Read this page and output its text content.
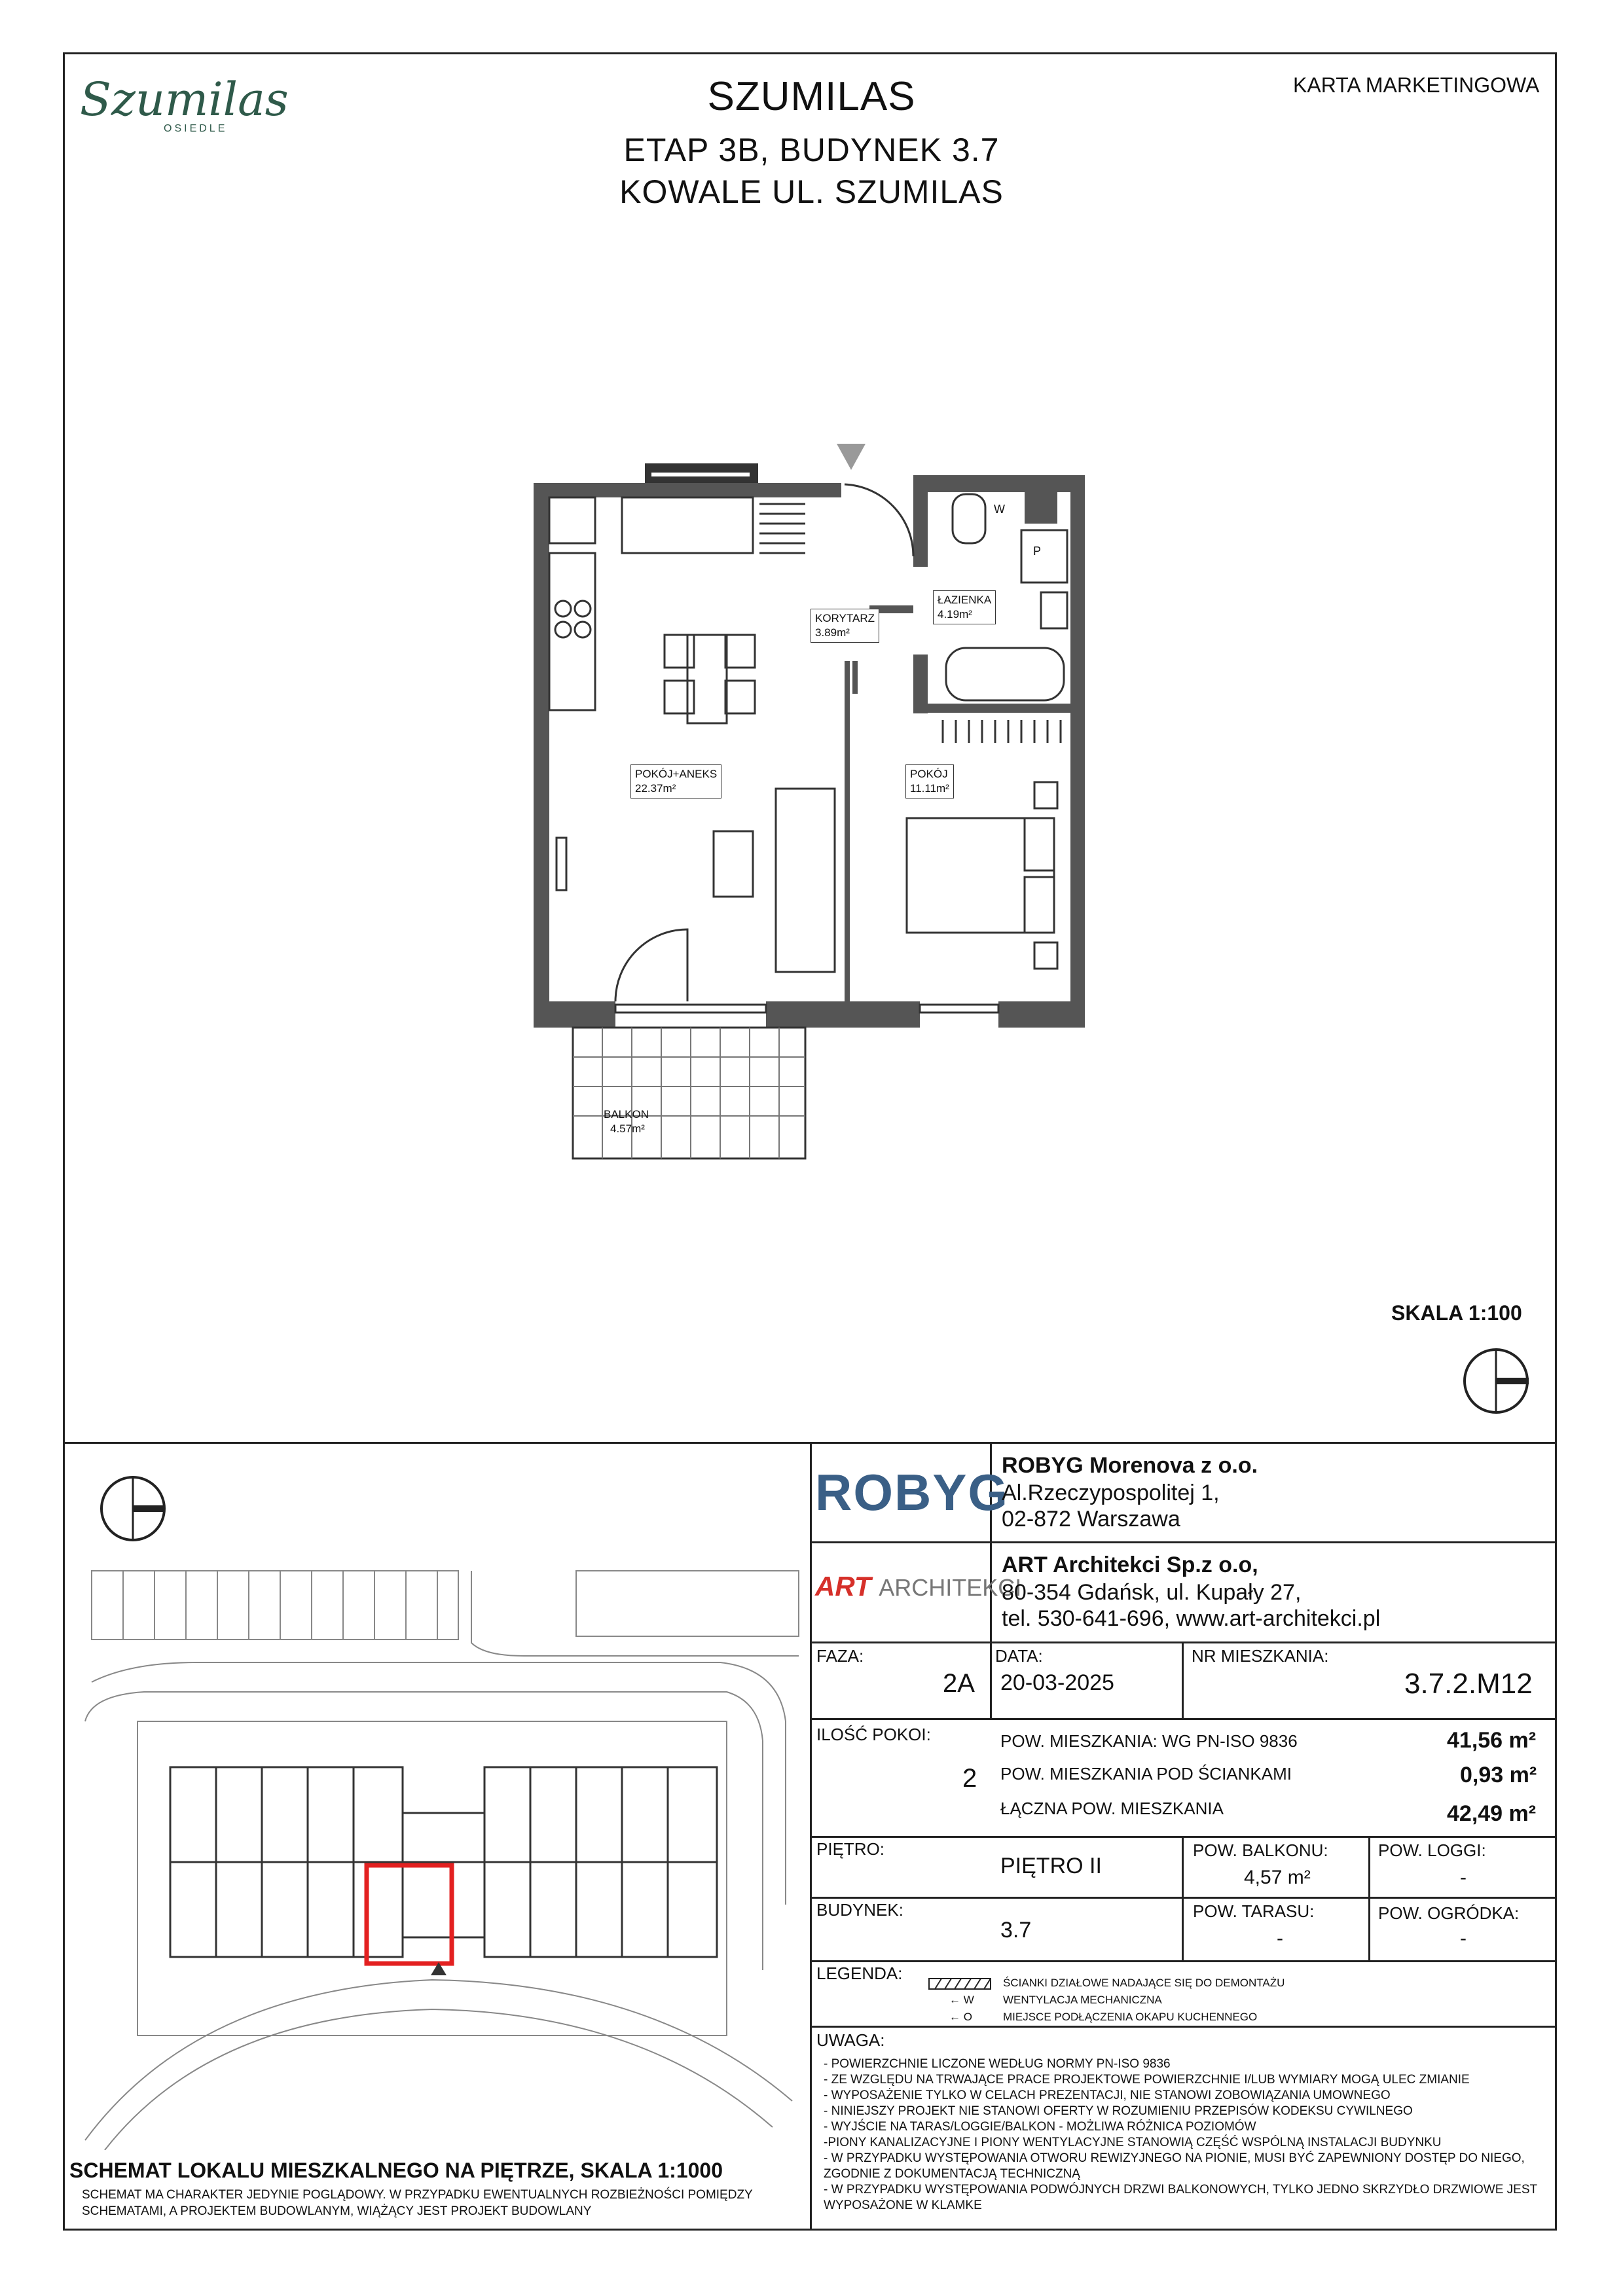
Szumilas
OSIEDLE
SZUMILAS
ETAP 3B, BUDYNEK 3.7
KOWALE UL. SZUMILAS
KARTA MARKETINGOWA
W
P
KORYTARZ
3.89m²
ŁAZIENKA
4.19m²
POKÓJ+ANEKS
22.37m²
POKÓJ
11.11m²
BALKON
4.57m²
SKALA 1:100
SCHEMAT LOKALU MIESZKALNEGO NA PIĘTRZE, SKALA 1:1000
SCHEMAT MA CHARAKTER JEDYNIE POGLĄDOWY. W PRZYPADKU EWENTUALNYCH ROZBIEŻNOŚCI POMIĘDZY
SCHEMATAMI, A PROJEKTEM BUDOWLANYM, WIĄŻĄCY JEST PROJEKT BUDOWLANY
ROBYG
ROBYG Morenova z o.o.
Al.Rzeczypospolitej 1,
02-872 Warszawa
ART ARCHITEKCI
ART Architekci Sp.z o.o,
80-354 Gdańsk, ul. Kupały 27,
tel. 530-641-696, www.art-architekci.pl
FAZA:
2A
DATA:
20-03-2025
NR MIESZKANIA:
3.7.2.M12
ILOŚĆ POKOI:
2
POW. MIESZKANIA: WG PN-ISO 9836	41,56 m²
POW. MIESZKANIA POD ŚCIANKAMI	0,93 m²
ŁĄCZNA POW. MIESZKANIA	42,49 m²
PIĘTRO:
PIĘTRO II
POW. BALKONU:
4,57 m²
POW. LOGGI:
-
BUDYNEK:
3.7
POW. TARASU:
-
POW. OGRÓDKA:
-
LEGENDA:	ŚCIANKI DZIAŁOWE NADAJĄCE SIĘ DO DEMONTAŻU
← W	WENTYLACJA MECHANICZNA
← O	MIEJSCE PODŁĄCZENIA OKAPU KUCHENNEGO
UWAGA:
- POWIERZCHNIE LICZONE WEDŁUG NORMY PN-ISO 9836
- ZE WZGLĘDU NA TRWAJĄCE PRACE PROJEKTOWE POWIERZCHNIE I/LUB WYMIARY MOGĄ ULEC ZMIANIE
- WYPOSAŻENIE TYLKO W CELACH PREZENTACJI, NIE STANOWI ZOBOWIĄZANIA UMOWNEGO
- NINIEJSZY PROJEKT NIE STANOWI OFERTY W ROZUMIENIU PRZEPISÓW KODEKSU CYWILNEGO
- WYJŚCIE NA TARAS/LOGGIE/BALKON - MOŻLIWA RÓŻNICA POZIOMÓW
-PIONY KANALIZACYJNE I PIONY WENTYLACYJNE STANOWIĄ CZĘŚĆ WSPÓLNĄ INSTALACJI BUDYNKU
- W PRZYPADKU WYSTĘPOWANIA OTWORU REWIZYJNEGO NA PIONIE, MUSI BYĆ ZAPEWNIONY DOSTĘP DO NIEGO,
ZGODNIE Z DOKUMENTACJĄ TECHNICZNĄ
- W PRZYPADKU WYSTĘPOWANIA PODWÓJNYCH DRZWI BALKONOWYCH, TYLKO JEDNO SKRZYDŁO DRZWIOWE JEST
WYPOSAŻONE W KLAMKE
